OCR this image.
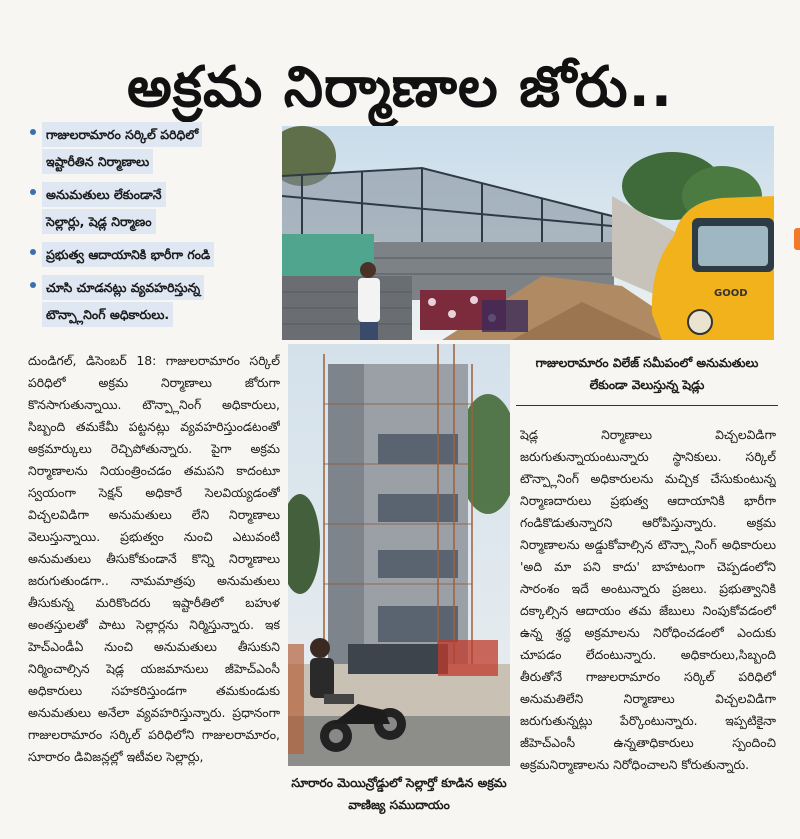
అక్రమ నిర్మాణాల జోరు..
గాజులరామారం సర్కిల్ పరిధిలో
ఇష్టారీతిన నిర్మాణాలు
అనుమతులు లేకుండానే
సెల్లార్లు, షెడ్ల నిర్మాణం
ప్రభుత్వ ఆదాయానికి భారీగా గండి
చూసి చూడనట్లు వ్యవహరిస్తున్న
టౌన్ప్లానింగ్ అధికారులు.
దుండిగల్, డిసెంబర్ 18: గాజులరామారం సర్కిల్ పరిధిలో అక్రమ నిర్మాణాలు జోరుగా కొనసాగుతున్నాయి. టౌన్ప్లానింగ్ అధికారులు, సిబ్బంది తమకేమీ పట్టనట్లు వ్యవహరిస్తుండటంతో అక్రమార్కులు రెచ్చిపోతున్నారు. పైగా అక్రమ నిర్మాణాలను నియంత్రించడం తమపని కాదంటూ స్వయంగా సెక్షన్ అధికారే సెలవియ్యడంతో విచ్చలవిడిగా అనుమతులు లేని నిర్మాణాలు వెలుస్తున్నాయి. ప్రభుత్వం నుంచి ఎటువంటి అనుమతులు తీసుకోకుండానే కొన్ని నిర్మాణాలు జరుగుతుండగా.. నామమాత్రపు అనుమతులు తీసుకున్న మరికొందరు ఇష్టారీతిలో బహుళ అంతస్తులతో పాటు సెల్లార్లను నిర్మిస్తున్నారు. ఇక హెచ్ఎండీఏ నుంచి అనుమతులు తీసుకుని నిర్మించాల్సిన షెడ్ల యజమానులు జీహెచ్ఎంసీ అధికారులు సహకరిస్తుండగా తమకుండుకు అనుమతులు అనేలా వ్యవహరిస్తున్నారు. ప్రధానంగా గాజులరామారం సర్కిల్ పరిధిలోని గాజులరామారం, సూరారం డివిజన్లల్లో ఇటీవల సెల్లార్లు,
GOOD
గాజులరామారం విలేజ్ సమీపంలో అనుమతులు లేకుండా వెలుస్తున్న షెడ్లు
షెడ్ల నిర్మాణాలు విచ్చలవిడిగా జరుగుతున్నాయంటున్నారు స్థానికులు. సర్కిల్ టౌన్ప్లానింగ్ అధికారులను మచ్చిక చేసుకుంటున్న నిర్మాణదారులు ప్రభుత్వ ఆదాయానికి భారీగా గండికొడుతున్నారని ఆరోపిస్తున్నారు. అక్రమ నిర్మాణాలను అడ్డుకోవాల్సిన టౌన్ప్లానింగ్ అధికారులు 'అది మా పని కాదు' బాహటంగా చెప్పడంలోని సారంశం ఇదే అంటున్నారు ప్రజలు. ప్రభుత్వానికి దక్కాల్సిన ఆదాయం తమ జేబులు నింపుకోవడంలో ఉన్న శ్రద్ధ అక్రమాలను నిరోధించడంలో ఎందుకు చూపడం లేదంటున్నారు. అధికారులు,సిబ్బంది తీరుతోనే గాజులరామారం సర్కిల్ పరిధిలో అనుమతిలేని నిర్మాణాలు విచ్చలవిడిగా జరుగుతున్నట్లు పేర్కొంటున్నారు. ఇప్పటికైనా జీహెచ్ఎంసీ ఉన్నతాధికారులు స్పందించి అక్రమనిర్మాణాలను నిరోధించాలని కోరుతున్నారు.
సూరారం మెయిన్రోడ్డులో సెల్లార్తో కూడిన అక్రమ వాణిజ్య సముదాయం
